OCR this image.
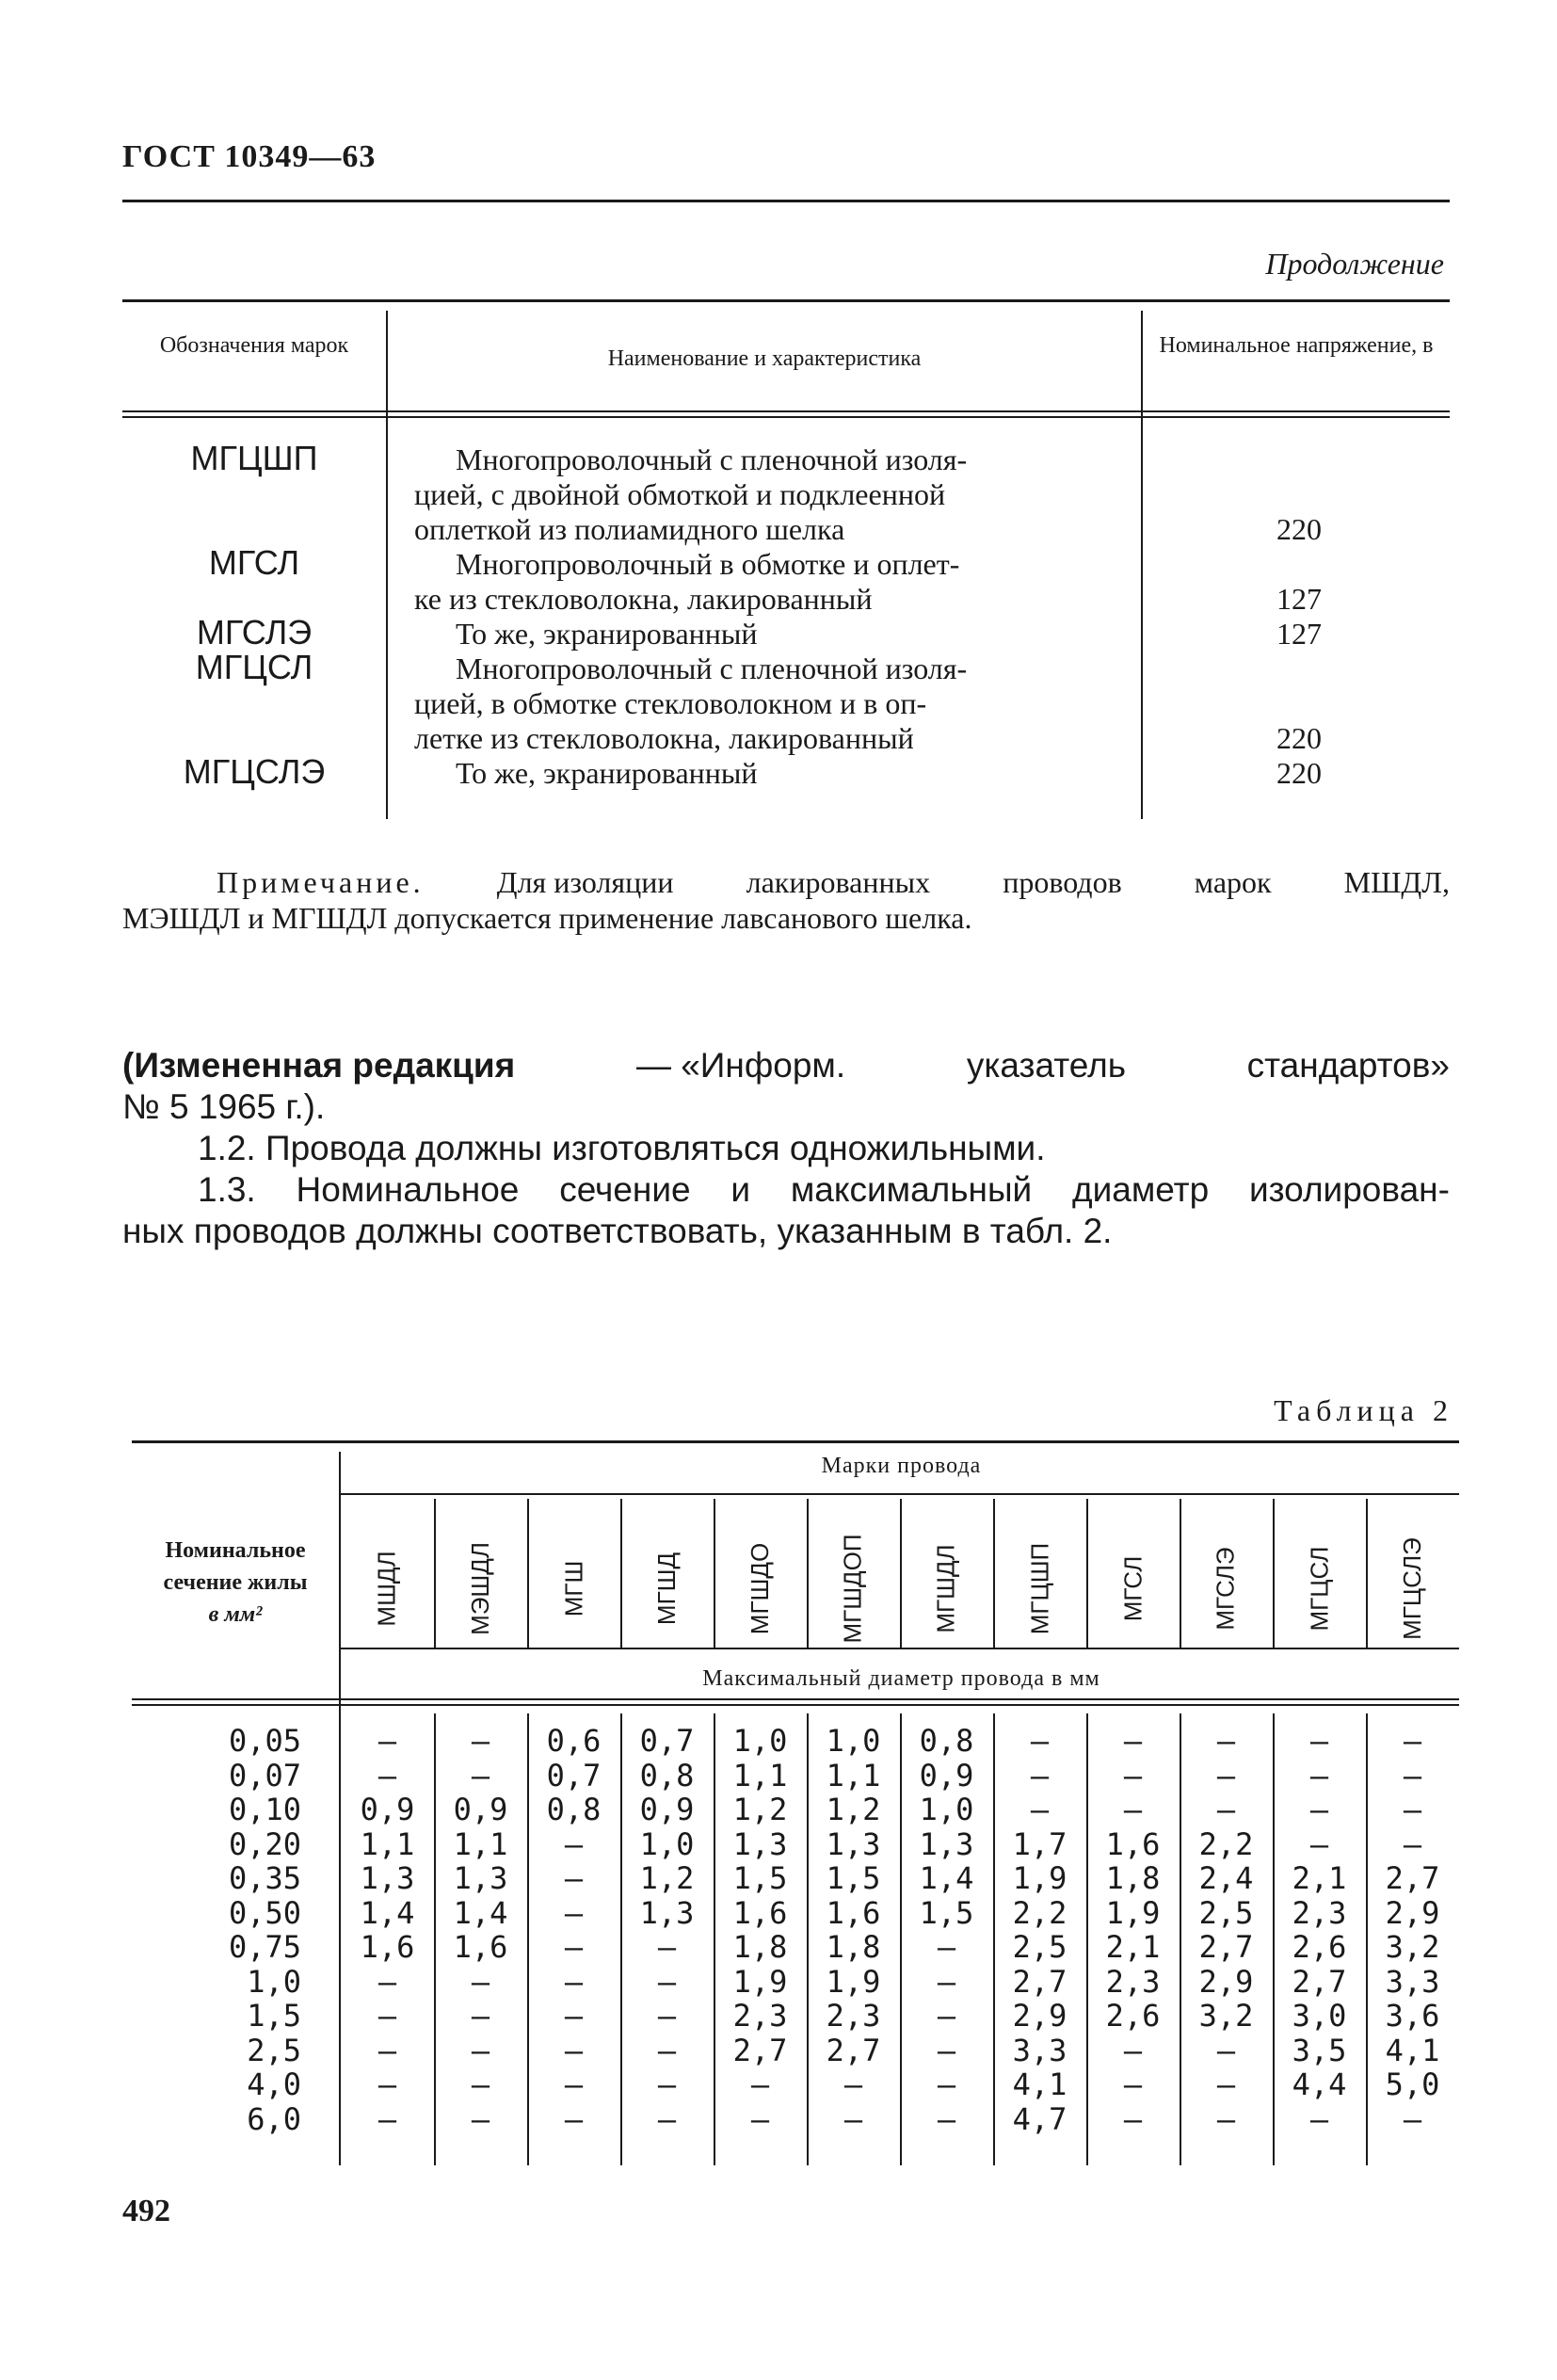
ГОСТ 10349—63
Продолжение
Обозначения марок
Наименование и характеристика
Номинальное напряжение, в
МГЦШП	Многопроволочный с пленочной изоля-
цией, с двойной обмоткой и подклеенной
оплеткой из полиамидного шелка	220
МГСЛ	Многопроволочный в обмотке и оплет-
ке из стекловолокна, лакированный	127
МГСЛЭ	То же, экранированный	127
МГЦСЛ	Многопроволочный с пленочной изоля-
цией, в обмотке стекловолокном и в оп-
летке из стекловолокна, лакированный	220
МГЦСЛЭ	То же, экранированный	220
Примечание. Для изоляции лакированных проводов марок МШДЛ,
МЭШДЛ и МГШДЛ допускается применение лавсанового шелка.
(Измененная редакция	— «Информ.	указатель	стандартов»
№ 5 1965 г.).
1.2. Провода должны изготовляться одножильными.
1.3. Номинальное сечение и максимальный диаметр изолирован-
ных проводов должны соответствовать, указанным в табл. 2.
Таблица 2
Номинальное
сечение жилы
в мм²
Марки провода
Максимальный диаметр провода в мм
МШДЛ	МЭШДЛ	МГШ	МГШД	МГШДО	МГШДОП	МГШДЛ	МГЦШП	МГСЛ	МГСЛЭ	МГЦСЛ	МГЦСЛЭ
0,05	—	—	0,6	0,7	1,0	1,0	0,8	—	—	—	—	—
0,07	—	—	0,7	0,8	1,1	1,1	0,9	—	—	—	—	—
0,10	0,9	0,9	0,8	0,9	1,2	1,2	1,0	—	—	—	—	—
0,20	1,1	1,1	—	1,0	1,3	1,3	1,3	1,7	1,6	2,2	—	—
0,35	1,3	1,3	—	1,2	1,5	1,5	1,4	1,9	1,8	2,4	2,1	2,7
0,50	1,4	1,4	—	1,3	1,6	1,6	1,5	2,2	1,9	2,5	2,3	2,9
0,75	1,6	1,6	—	—	1,8	1,8	—	2,5	2,1	2,7	2,6	3,2
1,0	—	—	—	—	1,9	1,9	—	2,7	2,3	2,9	2,7	3,3
1,5	—	—	—	—	2,3	2,3	—	2,9	2,6	3,2	3,0	3,6
2,5	—	—	—	—	2,7	2,7	—	3,3	—	—	3,5	4,1
4,0	—	—	—	—	—	—	—	4,1	—	—	4,4	5,0
6,0	—	—	—	—	—	—	—	4,7	—	—	—	—
492
